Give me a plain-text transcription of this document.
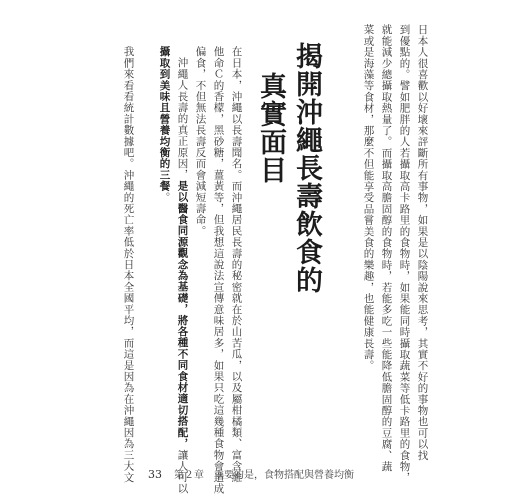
日本人很喜歡以好壞來評斷所有事物，如果是以陰陽說來思考，其實不好的事物也可以找
到優點的。譬如肥胖的人若攝取高卡路里的食物時，如果能同時攝取蔬菜等低卡路里的食物，
就能減少總攝取熱量了。而攝取高膽固醇的食物時，若能多吃一些能降低膽固醇的豆腐、蔬
菜或是海藻等食材，那麼不但能享受品嘗美食的樂趣，也能健康長壽。
揭開沖繩長壽飲食的
真實面目
在日本，沖繩以長壽聞名。而沖繩居民長壽的秘密就在於山苦瓜，以及屬柑橘類、富含維
他命Ｃ的香檬，黑砂糖，薑黃等，但我想這說法宣傳意味居多，如果只吃這幾種食物會造成
偏食，不但無法長壽反而會減短壽命。
沖繩人長壽的真正原因，是以醫食同源觀念為基礎，將各種不同食材適切搭配，讓人可以
攝取到美味且營養均衡的三餐。
我們來看看統計數據吧。沖繩的死亡率低於日本全國平均，而這是因為在沖繩因為三大文 33 第２章　重要的是，食物搭配與營養均衡
